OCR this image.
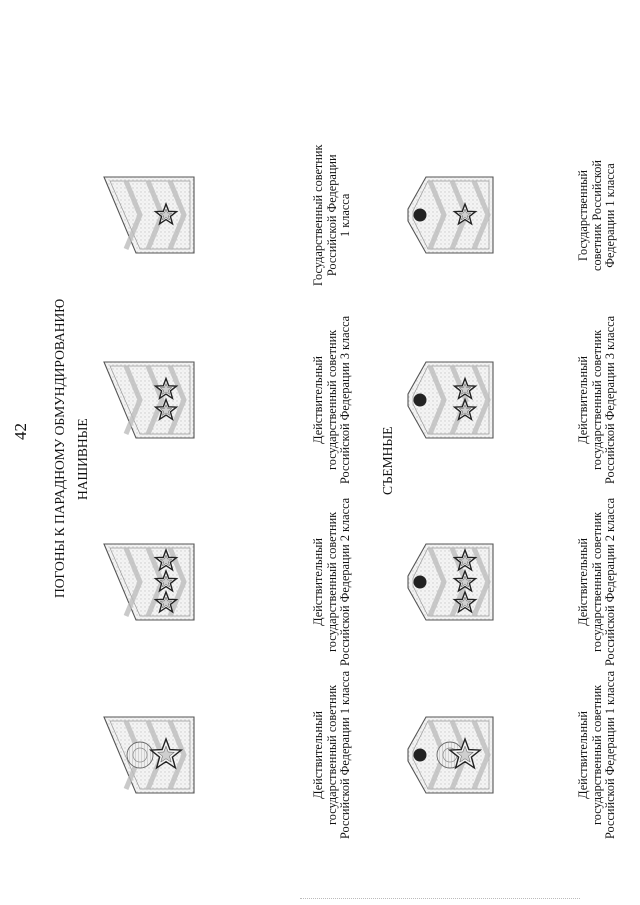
42 ПОГОНЫ К ПАРАДНОМУ ОБМУНДИРОВАНИЮ НАШИВНЫЕ	СЪЕМНЫЕ
Действительный государственный советник Российской Федерации 1 класса
Действительный государственный советник Российской Федерации 2 класса
Действительный государственный советник Российской Федерации 3 класса
Государственный советник Российской Федерации 1 класса
Действительный государственный советник Российской Федерации 1 класса
Действительный государственный советник Российской Федерации 2 класса
Действительный государственный советник Российской Федерации 3 класса
Государственный советник Российской Федерации 1 класса
